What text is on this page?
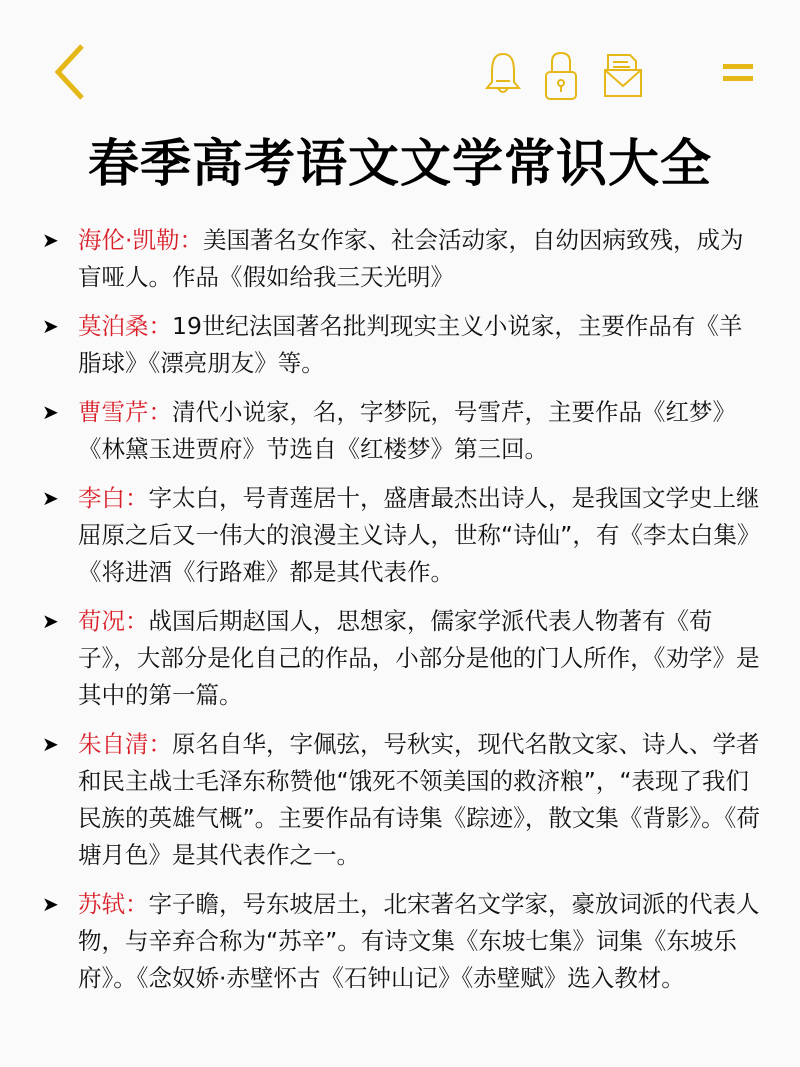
春季高考语文文学常识大全
➤ 海伦·凯勒：美国著名女作家、社会活动家，自幼因病致残，成为盲哑人。作品《假如给我三天光明》
➤ 莫泊桑：19世纪法国著名批判现实主义小说家，主要作品有《羊脂球》《漂亮朋友》等。
➤ 曹雪芹：清代小说家，名，字梦阮，号雪芹，主要作品《红梦》《林黛玉进贾府》节选自《红楼梦》第三回。
➤ 李白：字太白，号青莲居十，盛唐最杰出诗人，是我国文学史上继屈原之后又一伟大的浪漫主义诗人，世称“诗仙”，有《李太白集》《将进酒《行路难》都是其代表作。
➤ 荀况：战国后期赵国人，思想家，儒家学派代表人物著有《荀子》，大部分是化自己的作品，小部分是他的门人所作，《劝学》是其中的第一篇。
➤ 朱自清：原名自华，字佩弦，号秋实，现代名散文家、诗人、学者和民主战士毛泽东称赞他“饿死不领美国的救济粮”，“表现了我们民族的英雄气概”。主要作品有诗集《踪迹》，散文集《背影》。《荷塘月色》是其代表作之一。
➤ 苏轼：字子瞻，号东坡居土，北宋著名文学家，豪放词派的代表人物，与辛弃合称为“苏辛”。有诗文集《东坡七集》词集《东坡乐府》。《念奴娇·赤壁怀古《石钟山记》《赤壁赋》选入教材。
